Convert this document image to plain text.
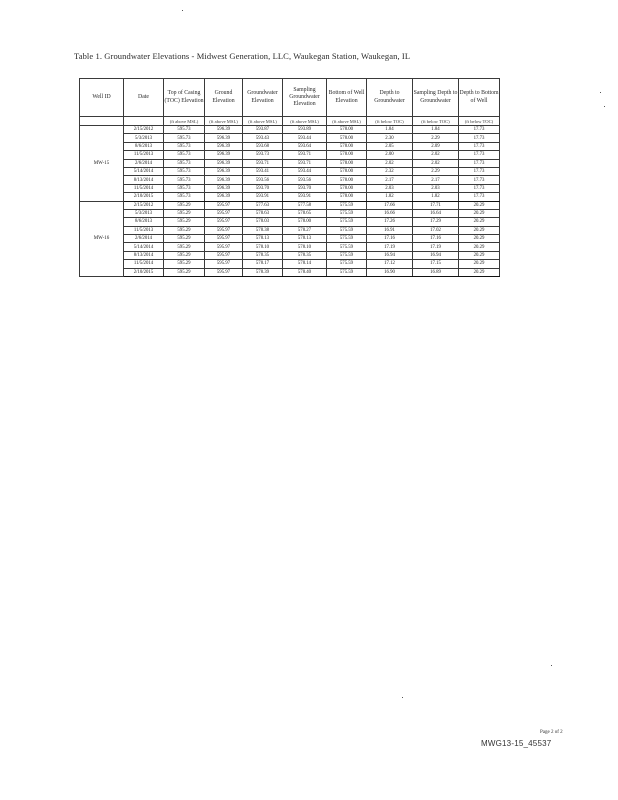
Table 1. Groundwater Elevations - Midwest Generation, LLC, Waukegan Station, Waukegan, IL
Well ID	Date	Top of Casing (TOC) Elevation	Ground Elevation	Groundwater Elevation	Sampling Groundwater Elevation	Bottom of Well Elevation	Depth to Groundwater	Sampling Depth to Groundwater	Depth to Bottom of Well
		(ft above MSL)	(ft above MSL)	(ft above MSL)	(ft above MSL)	(ft above MSL)	(ft below TOC)	(ft below TOC)	(ft below TOC)
MW-15	2/15/2012	595.73	596.39	593.87	593.89	578.00	1.84	1.84	17.73
	5/3/2013	595.73	596.39	593.43	593.44	578.00	2.30	2.29	17.73
	8/6/2013	595.73	596.39	593.68	593.64	578.00	2.05	2.09	17.73
	11/5/2013	595.73	596.39	593.73	593.71	578.00	2.00	2.02	17.73
	2/6/2014	595.73	596.39	593.71	593.71	578.00	2.02	2.02	17.73
	5/14/2014	595.73	596.39	593.41	593.44	578.00	2.32	2.29	17.73
	8/13/2014	595.73	596.39	593.56	593.56	578.00	2.17	2.17	17.73
	11/5/2014	595.73	596.39	593.70	593.70	578.00	2.03	2.03	17.73
	2/10/2015	595.73	596.39	593.91	593.91	578.00	1.82	1.82	17.73
MW-16	2/15/2012	595.29	595.97	577.63	577.58	575.59	17.66	17.71	20.29
	5/3/2013	595.29	595.97	578.63	578.65	575.59	16.66	16.64	20.29
	8/6/2013	595.29	595.97	578.03	578.00	575.59	17.26	17.29	20.29
	11/5/2013	595.29	595.97	578.38	578.27	575.59	16.91	17.02	20.29
	2/6/2014	595.29	595.97	578.13	578.13	575.59	17.16	17.16	20.29
	5/14/2014	595.29	595.97	578.10	578.10	575.59	17.19	17.19	20.29
	8/13/2014	595.29	595.97	578.35	578.35	575.59	16.94	16.94	20.29
	11/5/2014	595.29	595.97	578.17	578.14	575.59	17.12	17.15	20.29
	2/10/2015	595.29	595.97	578.39	578.40	575.59	16.90	16.89	20.29
Page 2 of 2
MWG13-15_45537
